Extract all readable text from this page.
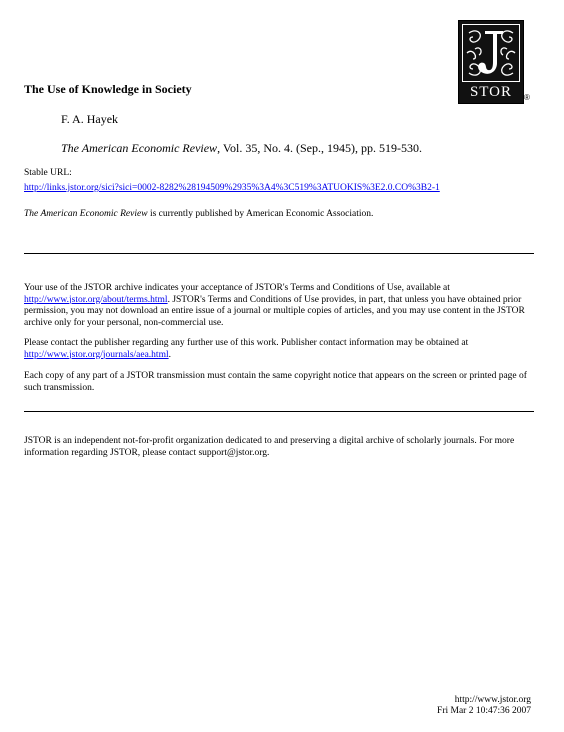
STOR	®
The Use of Knowledge in Society
F. A. Hayek
The American Economic Review, Vol. 35, No. 4. (Sep., 1945), pp. 519-530.
Stable URL:
http://links.jstor.org/sici?sici=0002-8282%28194509%2935%3A4%3C519%3ATUOKIS%3E2.0.CO%3B2-1
The American Economic Review is currently published by American Economic Association.
Your use of the JSTOR archive indicates your acceptance of JSTOR's Terms and Conditions of Use, available at
http://www.jstor.org/about/terms.html. JSTOR's Terms and Conditions of Use provides, in part, that unless you have obtained prior permission, you may not download an entire issue of a journal or multiple copies of articles, and you may use content in the JSTOR archive only for your personal, non-commercial use.
Please contact the publisher regarding any further use of this work. Publisher contact information may be obtained at
http://www.jstor.org/journals/aea.html.
Each copy of any part of a JSTOR transmission must contain the same copyright notice that appears on the screen or printed page of such transmission.
JSTOR is an independent not-for-profit organization dedicated to and preserving a digital archive of scholarly journals. For more information regarding JSTOR, please contact support@jstor.org.
http://www.jstor.org
Fri Mar 2 10:47:36 2007
